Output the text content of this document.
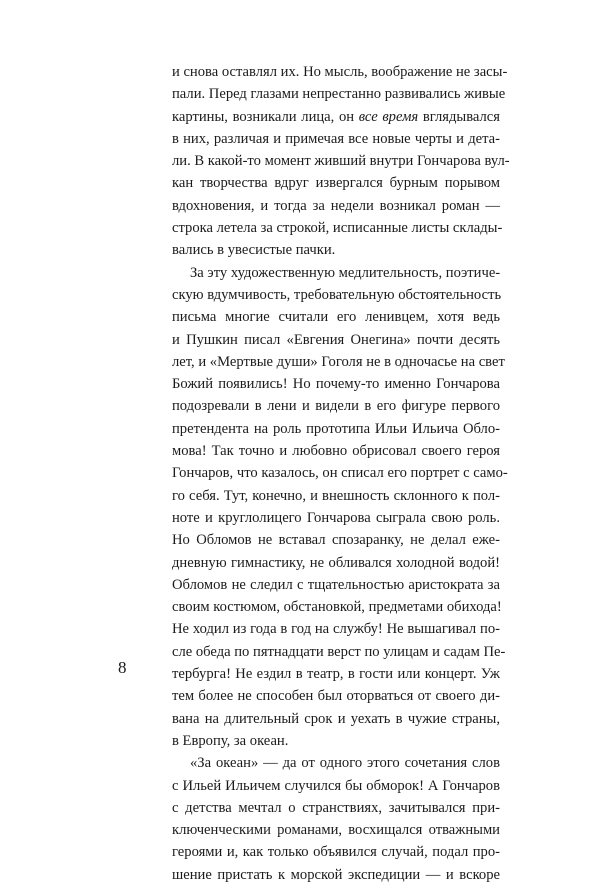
и снова оставлял их. Но мысль, воображение не засы-
пали. Перед глазами непрестанно развивались живые
картины, возникали лица, он все время вглядывался
в них, различая и примечая все новые черты и дета-
ли. В какой-то момент живший внутри Гончарова вул-
кан творчества вдруг извергался бурным порывом
вдохновения, и тогда за недели возникал роман —
строка летела за строкой, исписанные листы склады-
вались в увесистые пачки.
За эту художественную медлительность, поэтиче-
скую вдумчивость, требовательную обстоятельность
письма многие считали его ленивцем, хотя ведь
и Пушкин писал «Евгения Онегина» почти десять
лет, и «Мертвые души» Гоголя не в одночасье на свет
Божий появились! Но почему-то именно Гончарова
подозревали в лени и видели в его фигуре первого
претендента на роль прототипа Ильи Ильича Обло-
мова! Так точно и любовно обрисовал своего героя
Гончаров, что казалось, он списал его портрет с само-
го себя. Тут, конечно, и внешность склонного к пол-
ноте и круглолицего Гончарова сыграла свою роль.
Но Обломов не вставал спозаранку, не делал еже-
дневную гимнастику, не обливался холодной водой!
Обломов не следил с тщательностью аристократа за
своим костюмом, обстановкой, предметами обихода!
Не ходил из года в год на службу! Не вышагивал по-
сле обеда по пятнадцати верст по улицам и садам Пе-
тербурга! Не ездил в театр, в гости или концерт. Уж
тем более не способен был оторваться от своего ди-
вана на длительный срок и уехать в чужие страны,
в Европу, за океан.
«За океан» — да от одного этого сочетания слов
с Ильей Ильичем случился бы обморок! А Гончаров
с детства мечтал о странствиях, зачитывался при-
ключенческими романами, восхищался отважными
героями и, как только объявился случай, подал про-
шение пристать к морской экспедиции — и вскоре
8
